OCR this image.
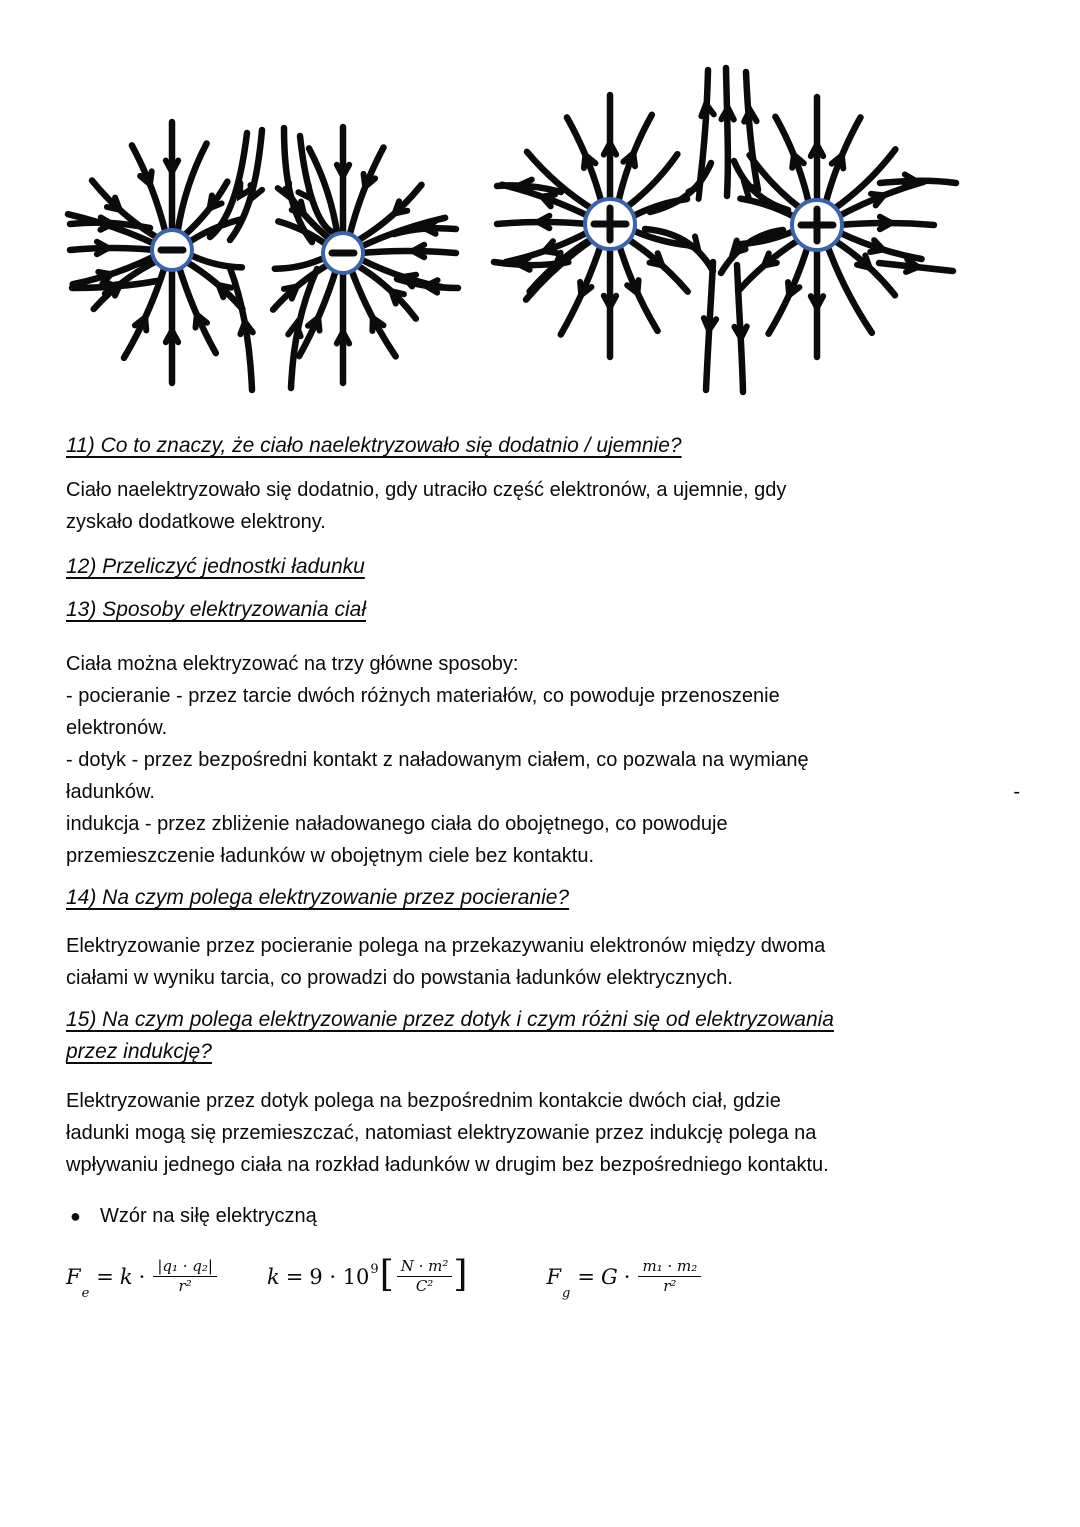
11) Co to znaczy, że ciało naelektryzowało się dodatnio / ujemnie?
Ciało naelektryzowało się dodatnio, gdy utraciło część elektronów, a ujemnie, gdy
zyskało dodatkowe elektrony.
12) Przeliczyć jednostki ładunku
13) Sposoby elektryzowania ciał
Ciała można elektryzować na trzy główne sposoby:
- pocieranie - przez tarcie dwóch różnych materiałów, co powoduje przenoszenie
elektronów.
- dotyk - przez bezpośredni kontakt z naładowanym ciałem, co pozwala na wymianę
ładunków.	-
indukcja - przez zbliżenie naładowanego ciała do obojętnego, co powoduje
przemieszczenie ładunków w obojętnym ciele bez kontaktu.
14) Na czym polega elektryzowanie przez pocieranie?
Elektryzowanie przez pocieranie polega na przekazywaniu elektronów między dwoma
ciałami w wyniku tarcia, co prowadzi do powstania ładunków elektrycznych.
15) Na czym polega elektryzowanie przez dotyk i czym różni się od elektryzowania
przez indukcję?
Elektryzowanie przez dotyk polega na bezpośrednim kontakcie dwóch ciał, gdzie
ładunki mogą się przemieszczać, natomiast elektryzowanie przez indukcję polega na
wpływaniu jednego ciała na rozkład ładunków w drugim bez bezpośredniego kontaktu.
● Wzór na siłę elektryczną
F
e
= $k \cdot \frac{\text{|q₁ · q₂|}}{\text{r²}}$ k = 9 · 10 9 [ $\frac{\text{N · m²}}{\text{C²}}$ ]	F
g
= $G \cdot \frac{\text{m₁ · m₂}}{\text{r²}}$
